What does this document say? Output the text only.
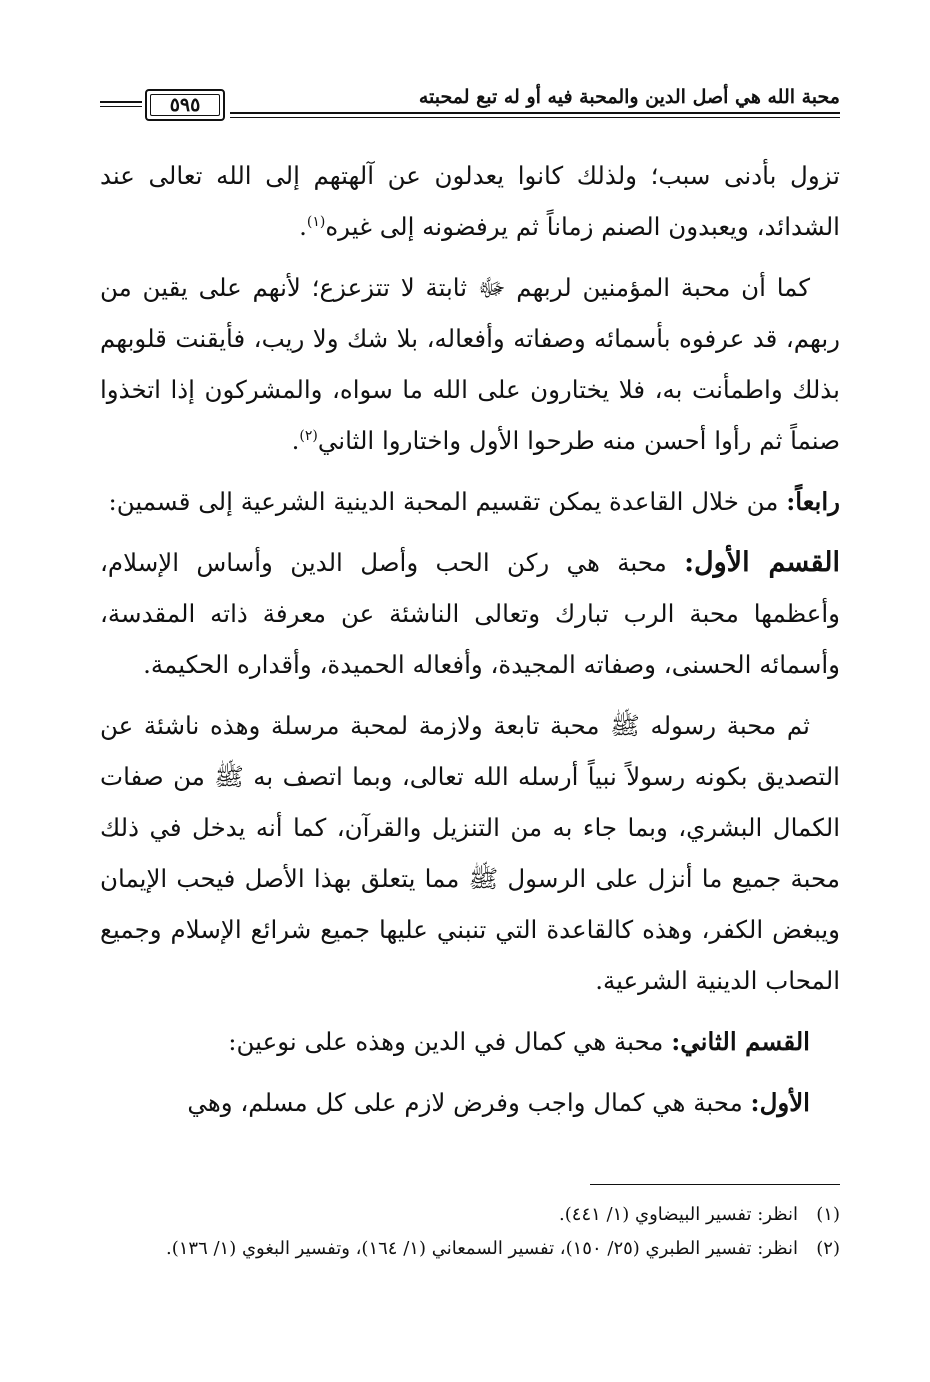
محبة الله هي أصل الدين والمحبة فيه أو له تبع لمحبته
٥٩٥

تزول بأدنى سبب؛ ولذلك كانوا يعدلون عن آلهتهم إلى الله تعالى عند الشدائد، ويعبدون الصنم زماناً ثم يرفضونه إلى غيره$^{(١)}$.

كما أن محبة المؤمنين لربهم ﷻ ثابتة لا تتزعزع؛ لأنهم على يقين من ربهم، قد عرفوه بأسمائه وصفاته وأفعاله، بلا شك ولا ريب، فأيقنت قلوبهم بذلك واطمأنت به، فلا يختارون على الله ما سواه، والمشركون إذا اتخذوا صنماً ثم رأوا أحسن منه طرحوا الأول واختاروا الثاني$^{(٢)}$.

رابعاً: من خلال القاعدة يمكن تقسيم المحبة الدينية الشرعية إلى قسمين:

القسم الأول: محبة هي ركن الحب وأصل الدين وأساس الإسلام، وأعظمها محبة الرب تبارك وتعالى الناشئة عن معرفة ذاته المقدسة، وأسمائه الحسنى، وصفاته المجيدة، وأفعاله الحميدة، وأقداره الحكيمة.

ثم محبة رسوله ﷺ محبة تابعة ولازمة لمحبة مرسلة وهذه ناشئة عن التصديق بكونه رسولاً نبياً أرسله الله تعالى، وبما اتصف به ﷺ من صفات الكمال البشري، وبما جاء به من التنزيل والقرآن، كما أنه يدخل في ذلك محبة جميع ما أنزل على الرسول ﷺ مما يتعلق بهذا الأصل فيحب الإيمان ويبغض الكفر، وهذه كالقاعدة التي تنبني عليها جميع شرائع الإسلام وجميع المحاب الدينية الشرعية.

القسم الثاني: محبة هي كمال في الدين وهذه على نوعين:

الأول: محبة هي كمال واجب وفرض لازم على كل مسلم، وهي

(١)انظر: تفسير البيضاوي (١/ ٤٤١).
(٢)انظر: تفسير الطبري (٢٥/ ١٥٠)، تفسير السمعاني (١/ ١٦٤)، وتفسير البغوي (١/ ١٣٦).
